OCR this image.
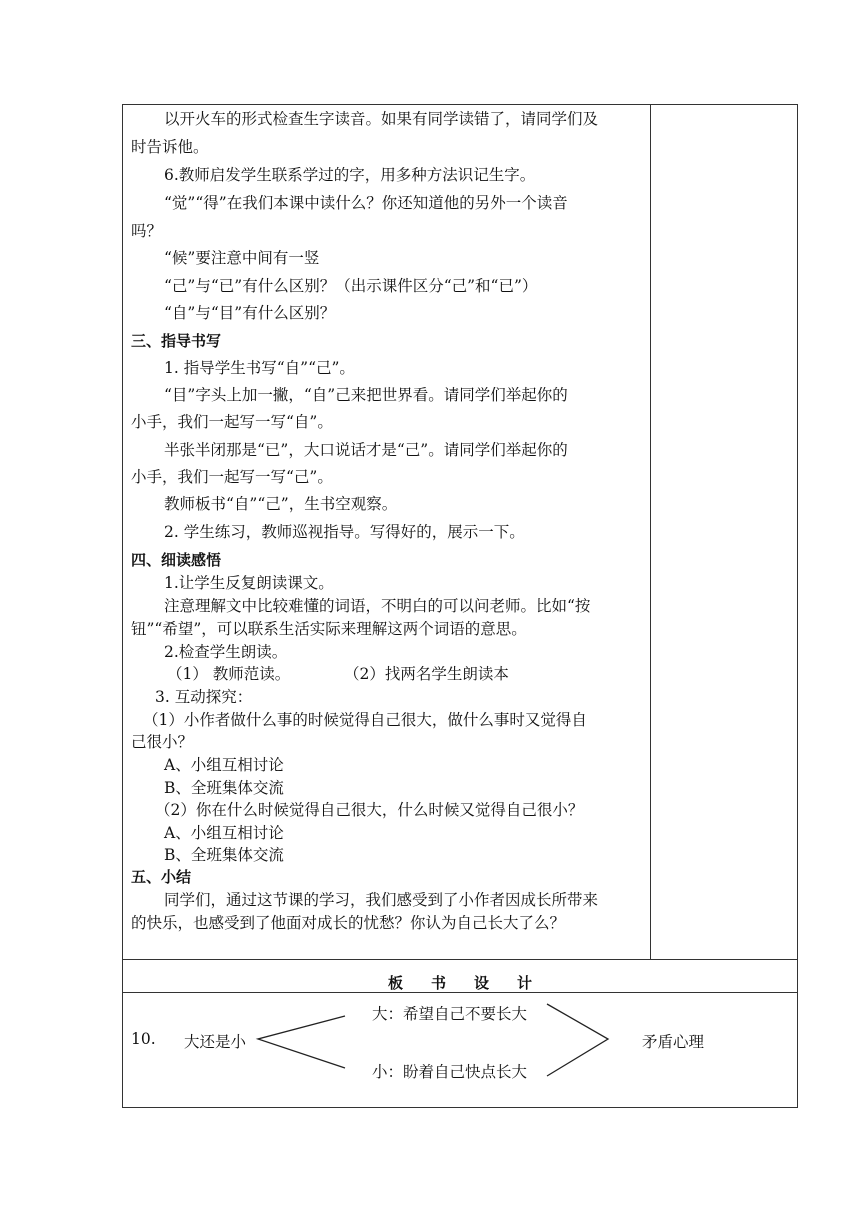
以开火车的形式检查生字读音。如果有同学读错了，请同学们及
时告诉他。
6.教师启发学生联系学过的字，用多种方法识记生字。
“觉”“得”在我们本课中读什么？你还知道他的另外一个读音
吗？
“候”要注意中间有一竖
“己”与“已”有什么区别？（出示课件区分“己”和“已”）
“自”与“目”有什么区别？
三、指导书写
1. 指导学生书写“自”“己”。
“目”字头上加一撇，“自”己来把世界看。请同学们举起你的
小手，我们一起写一写“自”。
半张半闭那是“已”，大口说话才是“己”。请同学们举起你的
小手，我们一起写一写“己”。
教师板书“自”“己”，生书空观察。
2. 学生练习，教师巡视指导。写得好的，展示一下。
四、细读感悟
1.让学生反复朗读课文。
注意理解文中比较难懂的词语，不明白的可以问老师。比如“按
钮”“希望”，可以联系生活实际来理解这两个词语的意思。
2.检查学生朗读。
（1） 教师范读。	（2）找两名学生朗读本
3. 互动探究：
（1）小作者做什么事的时候觉得自己很大，做什么事时又觉得自
己很小？
A、小组互相讨论
B、全班集体交流
（2）你在什么时候觉得自己很大，什么时候又觉得自己很小？
A、小组互相讨论
B、全班集体交流
五、小结
同学们，通过这节课的学习，我们感受到了小作者因成长所带来
的快乐，也感受到了他面对成长的忧愁？你认为自己长大了么？
板 书 设 计
10. 大还是小
大：希望自己不要长大
小：盼着自己快点长大
矛盾心理
